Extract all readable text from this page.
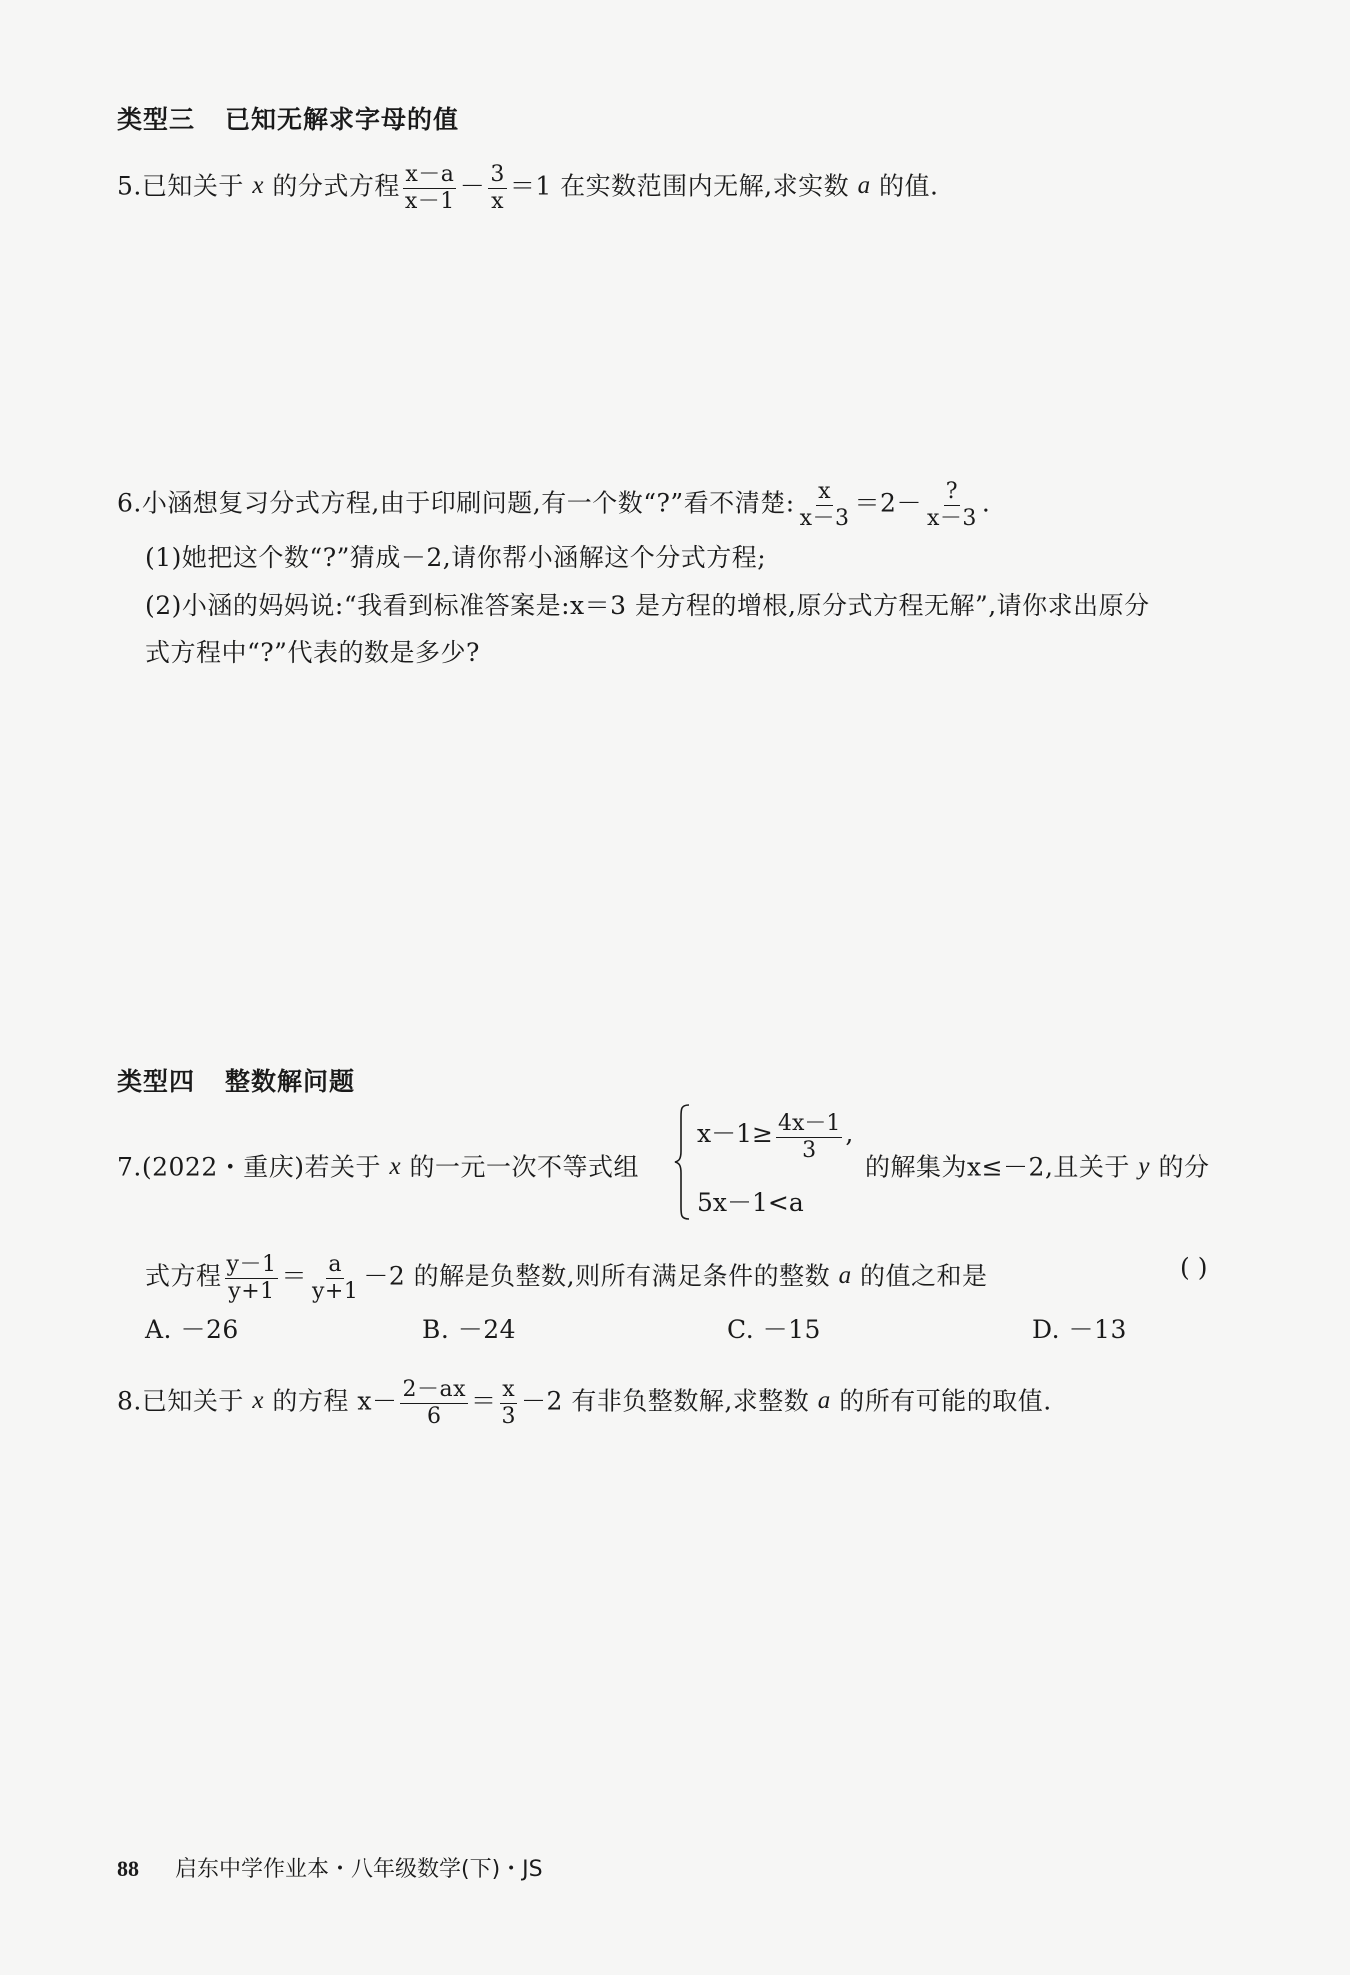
类型三 已知无解求字母的值
5.已知关于 x 的分式方程 $\frac{x-a}{x-1} - \frac{3}{x} =1$ 在实数范围内无解,求实数 a 的值.
6.小涵想复习分式方程,由于印刷问题,有一个数“?”看不清楚: $\frac{x}{x-3} =2- \frac{?}{x-3}$ .
(1)她把这个数“?”猜成－2,请你帮小涵解这个分式方程;
(2)小涵的妈妈说:“我看到标准答案是:x＝3 是方程的增根,原分式方程无解”,请你求出原分
式方程中“?”代表的数是多少?
类型四 整数解问题
7.(2022・重庆)若关于 x 的一元一次不等式组
$x-1\ge \frac{4x-1}{3}$ ,
5x－1<a
的解集为x≤－2,且关于 y 的分
式方程 $\frac{y-1}{y+1} = \frac{a}{y+1} -2$ 的解是负整数,则所有满足条件的整数 a 的值之和是	( )
A. －26	B. －24	C. －15	D. －13
8.已知关于 x 的方程 $x- \frac{2-ax}{6} = \frac{x}{3} -2$ 有非负整数解,求整数 a 的所有可能的取值.
88 启东中学作业本・八年级数学(下)・JS
